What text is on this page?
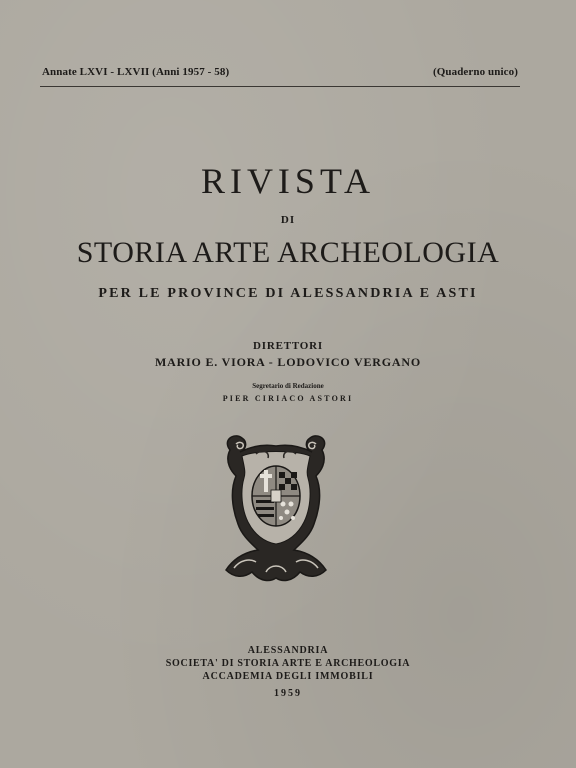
Annate LXVI - LXVII (Anni 1957 - 58)	(Quaderno unico)
RIVISTA
DI
STORIA ARTE ARCHEOLOGIA
PER LE PROVINCE DI ALESSANDRIA E ASTI
DIRETTORI
MARIO E. VIORA - LODOVICO VERGANO
Segretario di Redazione
PIER CIRIACO ASTORI
ALESSANDRIA
SOCIETA' DI STORIA ARTE E ARCHEOLOGIA
ACCADEMIA DEGLI IMMOBILI
1959
